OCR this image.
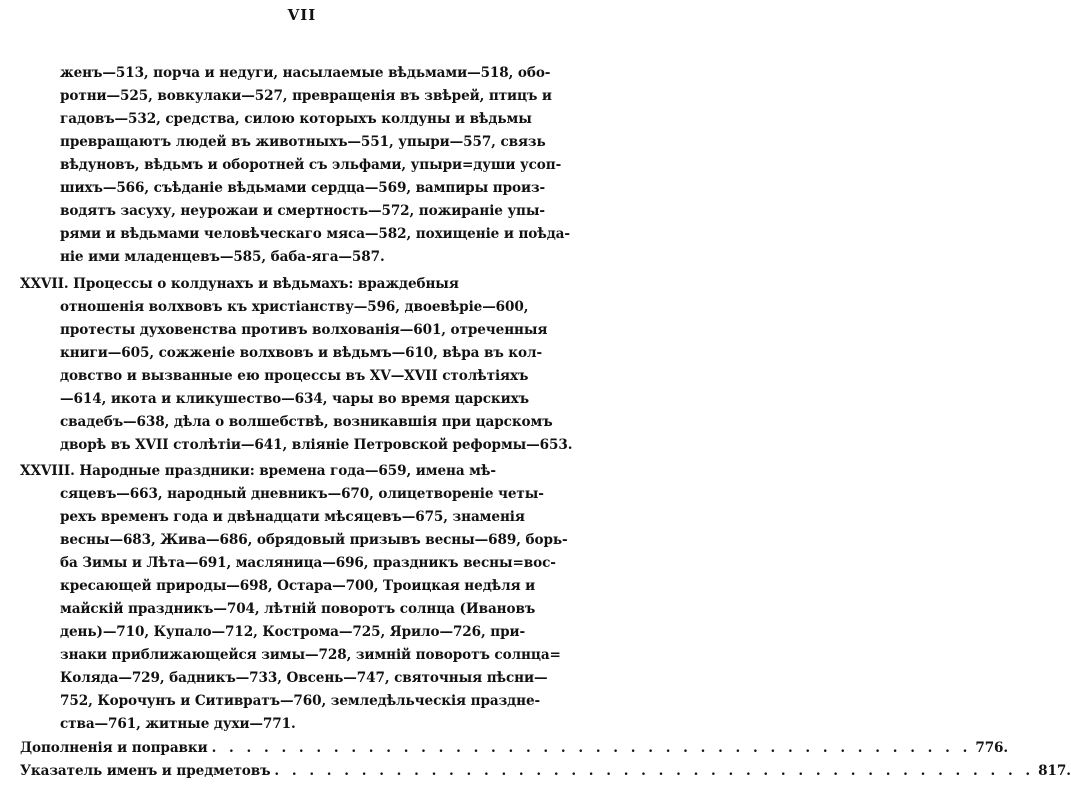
VII
женъ—513, порча и недуги, насылаемые вѣдьмами—518, обо-
ротни—525, вовкулаки—527, превращенія въ звѣрей, птицъ и
гадовъ—532, средства, силою которыхъ колдуны и вѣдьмы
превращаютъ людей въ животныхъ—551, упыри—557, связь
вѣдуновъ, вѣдьмъ и оборотней съ эльфами, упыри=души усоп-
шихъ—566, съѣданіе вѣдьмами сердца—569, вампиры произ-
водятъ засуху, неурожаи и смертность—572, пожираніе упы-
рями и вѣдьмами человѣческаго мяса—582, похищеніе и поѣда-
ніе ими младенцевъ—585, баба-яга—587.
XXVII. Процессы о колдунахъ и вѣдьмахъ: враждебныя
отношенія волхвовъ къ христіанству—596, двоевѣріе—600,
протесты духовенства противъ волхованія—601, отреченныя
книги—605, сожженіе волхвовъ и вѣдьмъ—610, вѣра въ кол-
довство и вызванные ею процессы въ XV—XVII столѣтіяхъ
—614, икота и кликушество—634, чары во время царскихъ
свадебъ—638, дѣла о волшебствѣ, возникавшія при царскомъ
дворѣ въ XVII столѣтіи—641, вліяніе Петровской реформы—653.
XXVIII. Народные праздники: времена года—659, имена мѣ-
сяцевъ—663, народный дневникъ—670, олицетвореніе четы-
рехъ временъ года и двѣнадцати мѣсяцевъ—675, знаменія
весны—683, Жива—686, обрядовый призывъ весны—689, борь-
ба Зимы и Лѣта—691, масляница—696, праздникъ весны=вос-
кресающей природы—698, Остара—700, Троицкая недѣля и
майскій праздникъ—704, лѣтній поворотъ солнца (Ивановъ
день)—710, Купало—712, Кострома—725, Ярило—726, при-
знаки приближающейся зимы—728, зимній поворотъ солнца=
Коляда—729, бадникъ—733, Овсень—747, святочныя пѣсни—
752, Корочунъ и Ситивратъ—760, земледѣльческія праздне-
ства—761, житные духи—771.
Дополненія и поправки . . . . . . . . . . . . . . . . . . . . . . . . . . . . . . . . . . . . . . . . . . . . 776.
Указатель именъ и предметовъ . . . . . . . . . . . . . . . . . . . . . . . . . . . . . . . . . . . . . . . . . . . . 817.
